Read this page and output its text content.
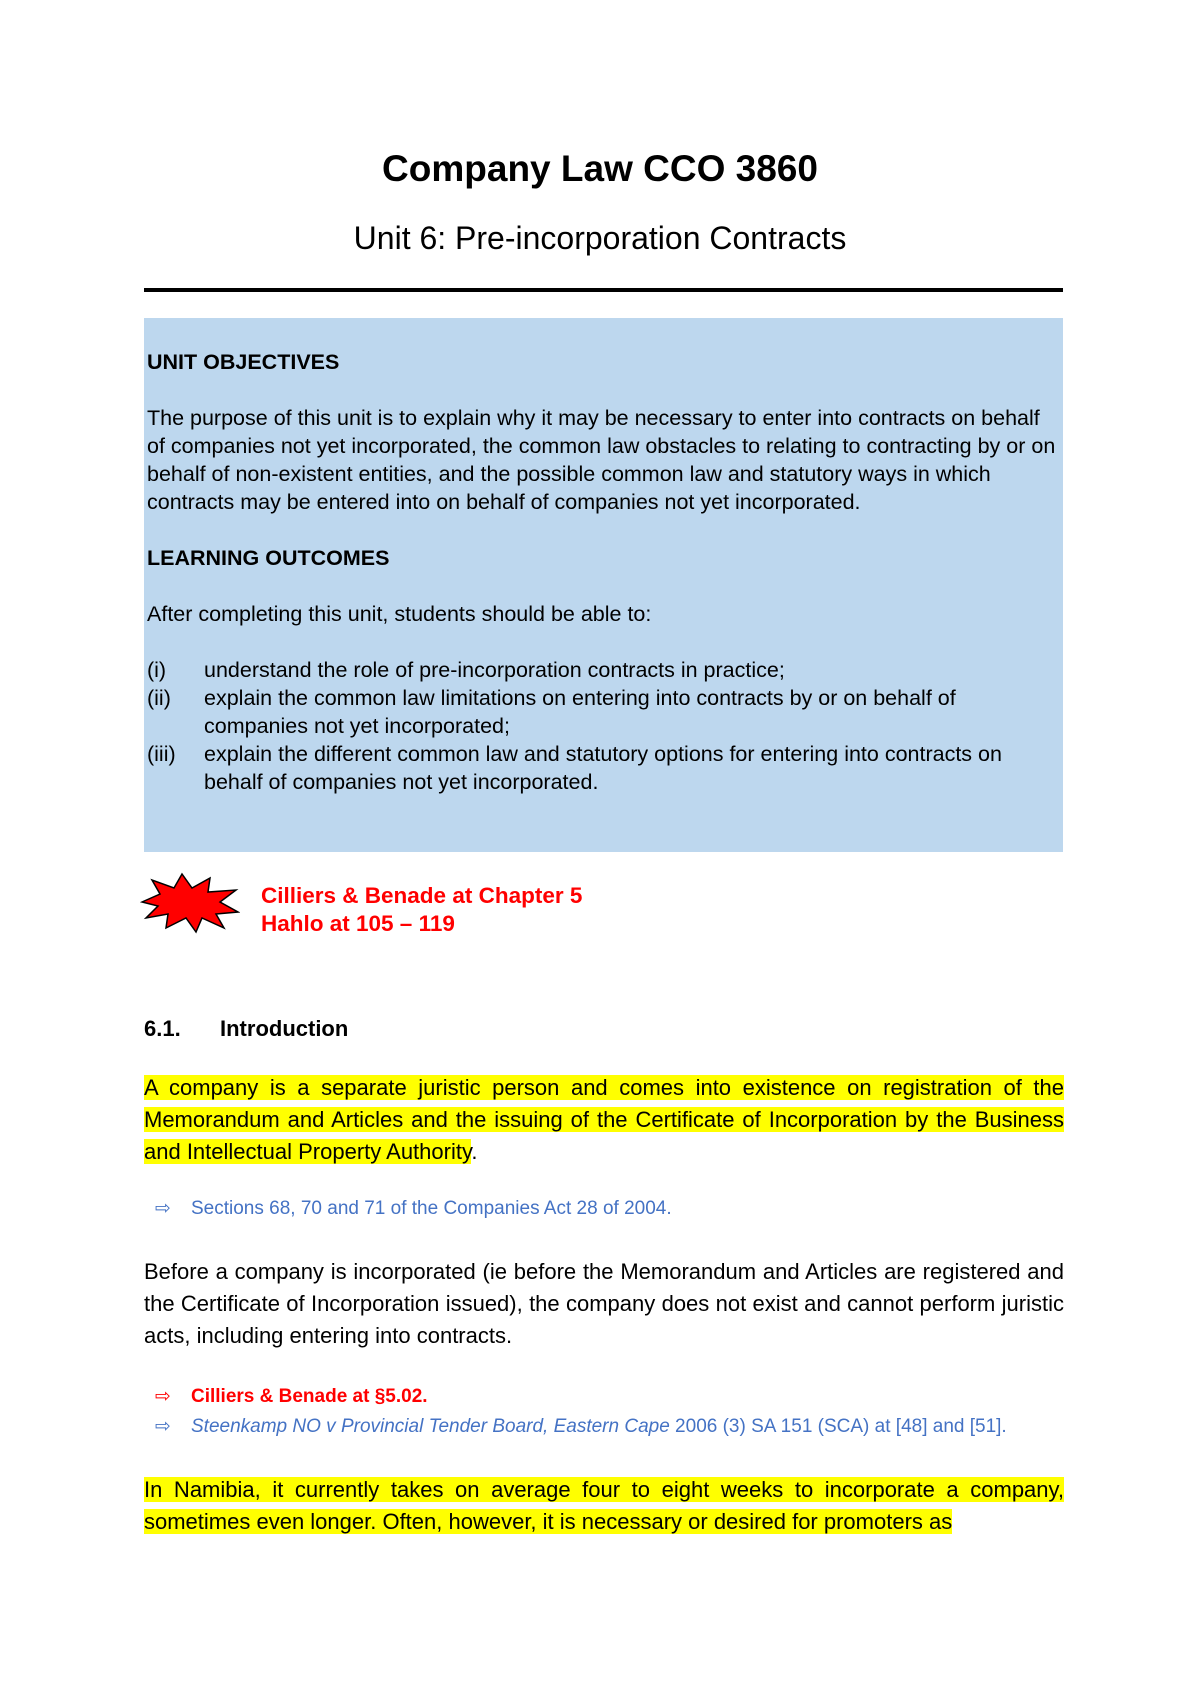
Company Law CCO 3860
Unit 6: Pre-incorporation Contracts

UNIT OBJECTIVES

The purpose of this unit is to explain why it may be necessary to enter into contracts on behalf of companies not yet incorporated, the common law obstacles to relating to contracting by or on behalf of non-existent entities, and the possible common law and statutory ways in which contracts may be entered into on behalf of companies not yet incorporated.

LEARNING OUTCOMES

After completing this unit, students should be able to:

(i)	understand the role of pre-incorporation contracts in practice;
(ii)	explain the common law limitations on entering into contracts by or on behalf of companies not yet incorporated;
(iii)	explain the different common law and statutory options for entering into contracts on behalf of companies not yet incorporated.
Cilliers & Benade at Chapter 5
Hahlo at 105 – 119
6.1. Introduction

A company is a separate juristic person and comes into existence on registration of the Memorandum and Articles and the issuing of the Certificate of Incorporation by the Business and Intellectual Property Authority.

⇨ Sections 68, 70 and 71 of the Companies Act 28 of 2004.

Before a company is incorporated (ie before the Memorandum and Articles are registered and the Certificate of Incorporation issued), the company does not exist and cannot perform juristic acts, including entering into contracts.

⇨ Cilliers & Benade at §5.02.
⇨ Steenkamp NO v Provincial Tender Board, Eastern Cape 2006 (3) SA 151 (SCA) at [48] and [51].

In Namibia, it currently takes on average four to eight weeks to incorporate a company, sometimes even longer. Often, however, it is necessary or desired for promoters as
